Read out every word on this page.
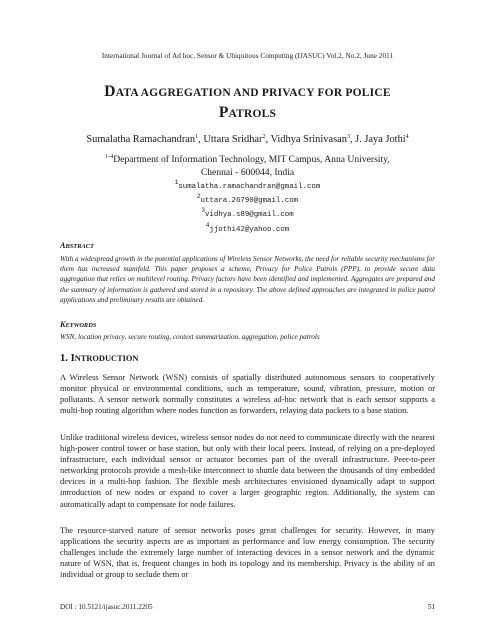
International Journal of Ad hoc, Sensor & Ubiquitous Computing (IJASUC) Vol.2, No.2, June 2011
DATA AGGREGATION AND PRIVACY FOR POLICE
PATROLS
Sumalatha Ramachandran$^1$, Uttara Sridhar$^2$, Vidhya Srinivasan$^3$, J. Jaya Jothi$^4$
$^{1-4}$Department of Information Technology, MIT Campus, Anna University,
Chennai - 600044, India
$^1$sumalatha.ramachandran@gmail.com
$^2$uttara.26790@gmail.com
$^3$vidhya.s89@gmail.com
$^4$jjothi42@yahoo.com
ABSTRACT
With a widespread growth in the potential applications of Wireless Sensor Networks, the need for reliable security mechanisms for them has increased manifold. This paper proposes a scheme, Privacy for Police Patrols (PPP), to provide secure data aggregation that relies on multilevel routing. Privacy factors have been identified and implemented. Aggregates are prepared and the summary of information is gathered and stored in a repository. The above defined approaches are integrated in police patrol applications and preliminary results are obtained.
KEYWORDS
WSN, location privacy, secure routing, context summarization, aggregation, police patrols
1. INTRODUCTION
A Wireless Sensor Network (WSN) consists of spatially distributed autonomous sensors to cooperatively monitor physical or environmental conditions, such as temperature, sound, vibration, pressure, motion or pollutants. A sensor network normally constitutes a wireless ad-hoc network that is each sensor supports a multi-hop routing algorithm where nodes function as forwarders, relaying data packets to a base station.
Unlike traditional wireless devices, wireless sensor nodes do not need to communicate directly with the nearest high-power control tower or base station, but only with their local peers. Instead, of relying on a pre-deployed infrastructure, each individual sensor or actuator becomes part of the overall infrastructure. Peer-to-peer networking protocols provide a mesh-like interconnect to shuttle data between the thousands of tiny embedded devices in a multi-hop fashion. The flexible mesh architectures envisioned dynamically adapt to support introduction of new nodes or expand to cover a larger geographic region. Additionally, the system can automatically adapt to compensate for node failures.
The resource-starved nature of sensor networks poses great challenges for security. However, in many applications the security aspects are as important as performance and low energy consumption. The security challenges include the extremely large number of interacting devices in a sensor network and the dynamic nature of WSN, that is, frequent changes in both its topology and its membership. Privacy is the ability of an individual or group to seclude them or
DOI : 10.5121/ijasuc.2011.2205	51
